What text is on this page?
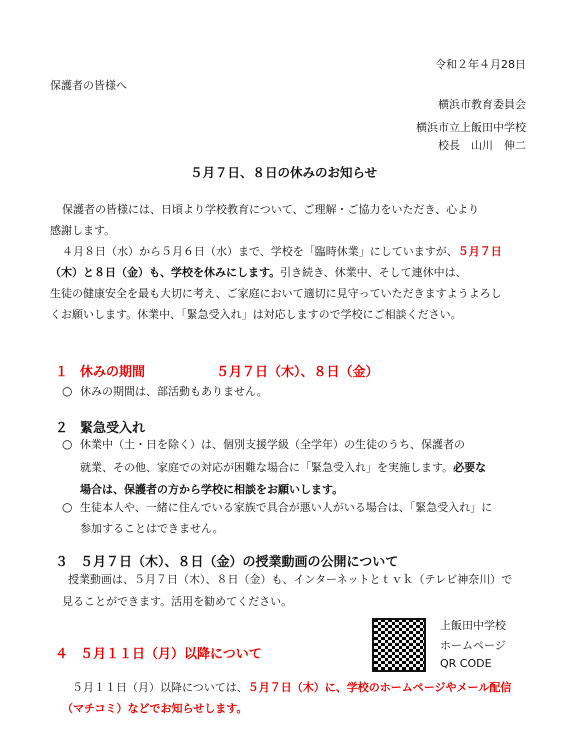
令和２年４月28日
保護者の皆様へ
横浜市教育委員会
横浜市立上飯田中学校
校長　山川　伸二
５月７日、８日の休みのお知らせ
保護者の皆様には、日頃より学校教育について、ご理解・ご協力をいただき、心より
感謝します。
４月８日（水）から５月６日（水）まで、学校を「臨時休業」にしていますが、５月７日
（木）と８日（金）も、学校を休みにします。引き続き、休業中、そして連休中は、
生徒の健康安全を最も大切に考え、ご家庭において適切に見守っていただきますようよろし
くお願いします。休業中、「緊急受入れ」は対応しますので学校にご相談ください。
１ 休みの期間	５月７日（木）、８日（金）
○ 休みの期間は、部活動もありません。
２ 緊急受入れ
○ 休業中（土・日を除く）は、個別支援学級（全学年）の生徒のうち、保護者の
就業、その他、家庭での対応が困難な場合に「緊急受入れ」を実施します。必要な
場合は、保護者の方から学校に相談をお願いします。
○ 生徒本人や、一緒に住んでいる家族で具合が悪い人がいる場合は、「緊急受入れ」に
参加することはできません。
３ ５月７日（木）、８日（金）の授業動画の公開について
授業動画は、５月７日（木）、８日（金）も、インターネットとｔｖｋ（テレビ神奈川）で
見ることができます。活用を勧めてください。
上飯田中学校
ホームページ
QR CODE
４ ５月１１日（月）以降について
５月１１日（月）以降については、５月７日（木）に、学校のホームページやメール配信
（マチコミ）などでお知らせします。
